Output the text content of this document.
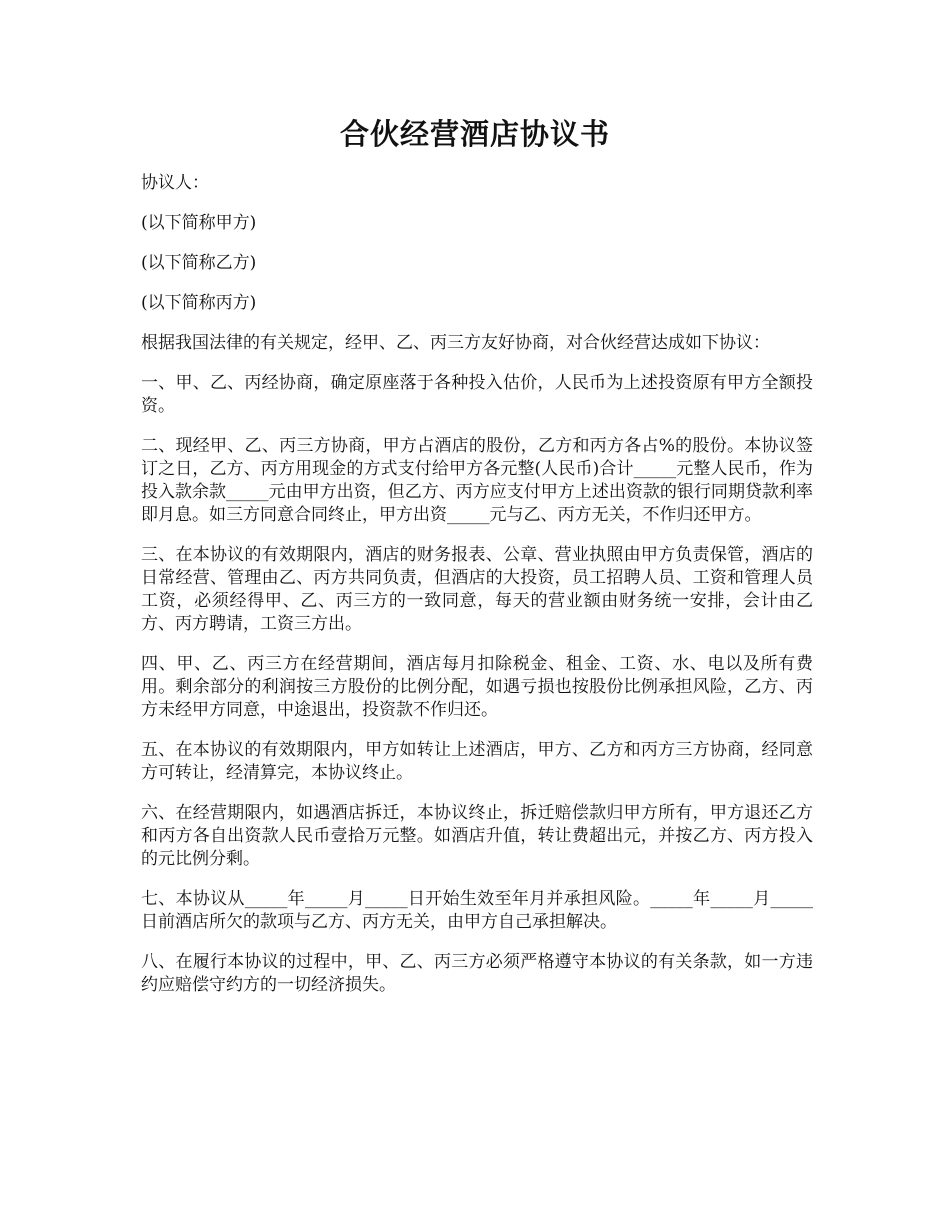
合伙经营酒店协议书

协议人：

(以下简称甲方)

(以下简称乙方)

(以下简称丙方)

根据我国法律的有关规定，经甲、乙、丙三方友好协商，对合伙经营达成如下协议：

一、甲、乙、丙经协商，确定原座落于各种投入估价，人民币为上述投资原有甲方全额投资。

二、现经甲、乙、丙三方协商，甲方占酒店的股份，乙方和丙方各占%的股份。本协议签订之日，乙方、丙方用现金的方式支付给甲方各元整(人民币)合计_____元整人民币，作为投入款余款_____元由甲方出资，但乙方、丙方应支付甲方上述出资款的银行同期贷款利率即月息。如三方同意合同终止，甲方出资_____元与乙、丙方无关，不作归还甲方。

三、在本协议的有效期限内，酒店的财务报表、公章、营业执照由甲方负责保管，酒店的日常经营、管理由乙、丙方共同负责，但酒店的大投资，员工招聘人员、工资和管理人员工资，必须经得甲、乙、丙三方的一致同意，每天的营业额由财务统一安排，会计由乙方、丙方聘请，工资三方出。

四、甲、乙、丙三方在经营期间，酒店每月扣除税金、租金、工资、水、电以及所有费用。剩余部分的利润按三方股份的比例分配，如遇亏损也按股份比例承担风险，乙方、丙方未经甲方同意，中途退出，投资款不作归还。

五、在本协议的有效期限内，甲方如转让上述酒店，甲方、乙方和丙方三方协商，经同意方可转让，经清算完，本协议终止。

六、在经营期限内，如遇酒店拆迁，本协议终止，拆迁赔偿款归甲方所有，甲方退还乙方和丙方各自出资款人民币壹拾万元整。如酒店升值，转让费超出元，并按乙方、丙方投入的元比例分剩。

七、本协议从_____年_____月_____日开始生效至年月并承担风险。_____年_____月_____日前酒店所欠的款项与乙方、丙方无关，由甲方自己承担解决。

八、在履行本协议的过程中，甲、乙、丙三方必须严格遵守本协议的有关条款，如一方违约应赔偿守约方的一切经济损失。
